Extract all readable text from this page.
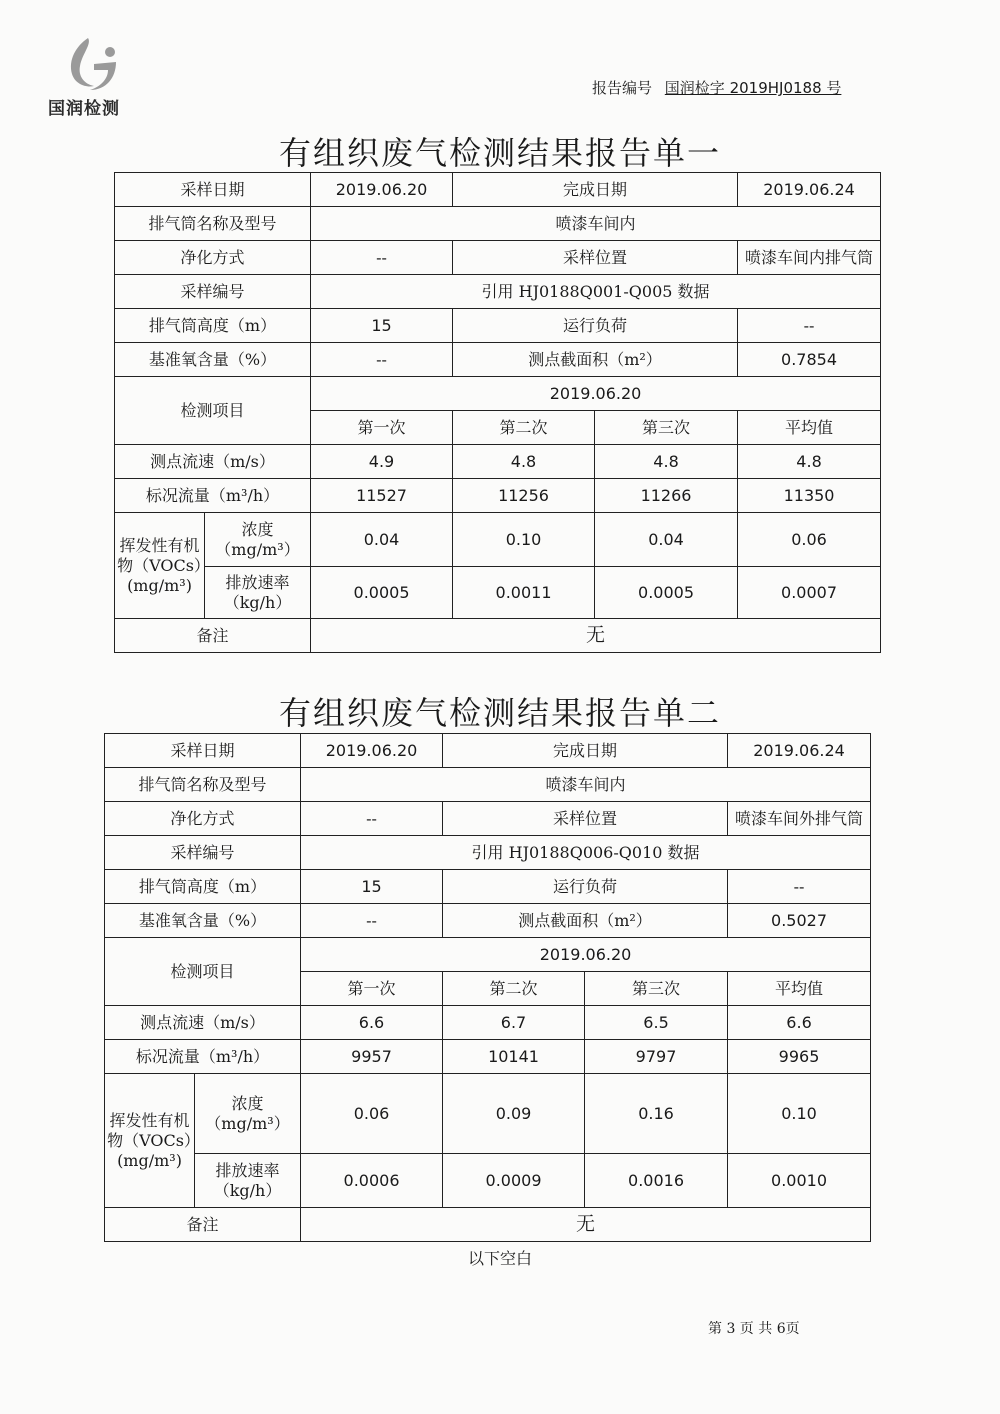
国润检测
报告编号 国润检字 2019HJ0188 号
有组织废气检测结果报告单一
采样日期		2019.06.20	完成日期		2019.06.24
排气筒名称及型号		喷漆车间内			
净化方式		--	采样位置		喷漆车间内排气筒
采样编号		引用 HJ0188Q001-Q005 数据			
排气筒高度（m）		15	运行负荷		--
基准氧含量（%）		--	测点截面积（m²）		0.7854
检测项目		2019.06.20			
		第一次	第二次	第三次	平均值
测点流速（m/s）		4.9	4.8	4.8	4.8
标况流量（m³/h）		11527	11256	11266	11350
挥发性有机物（VOCs）(mg/m³)	浓度（mg/m³）	0.04	0.10	0.04	0.06
	排放速率（kg/h）	0.0005	0.0011	0.0005	0.0007
备注		无			
有组织废气检测结果报告单二
采样日期		2019.06.20	完成日期		2019.06.24
排气筒名称及型号		喷漆车间内			
净化方式		--	采样位置		喷漆车间外排气筒
采样编号		引用 HJ0188Q006-Q010 数据			
排气筒高度（m）		15	运行负荷		--
基准氧含量（%）		--	测点截面积（m²）		0.5027
检测项目		2019.06.20			
		第一次	第二次	第三次	平均值
测点流速（m/s）		6.6	6.7	6.5	6.6
标况流量（m³/h）		9957	10141	9797	9965
挥发性有机物（VOCs）(mg/m³)	浓度（mg/m³）	0.06	0.09	0.16	0.10
	排放速率（kg/h）	0.0006	0.0009	0.0016	0.0010
备注		无			
以下空白
第 3 页 共 6页
